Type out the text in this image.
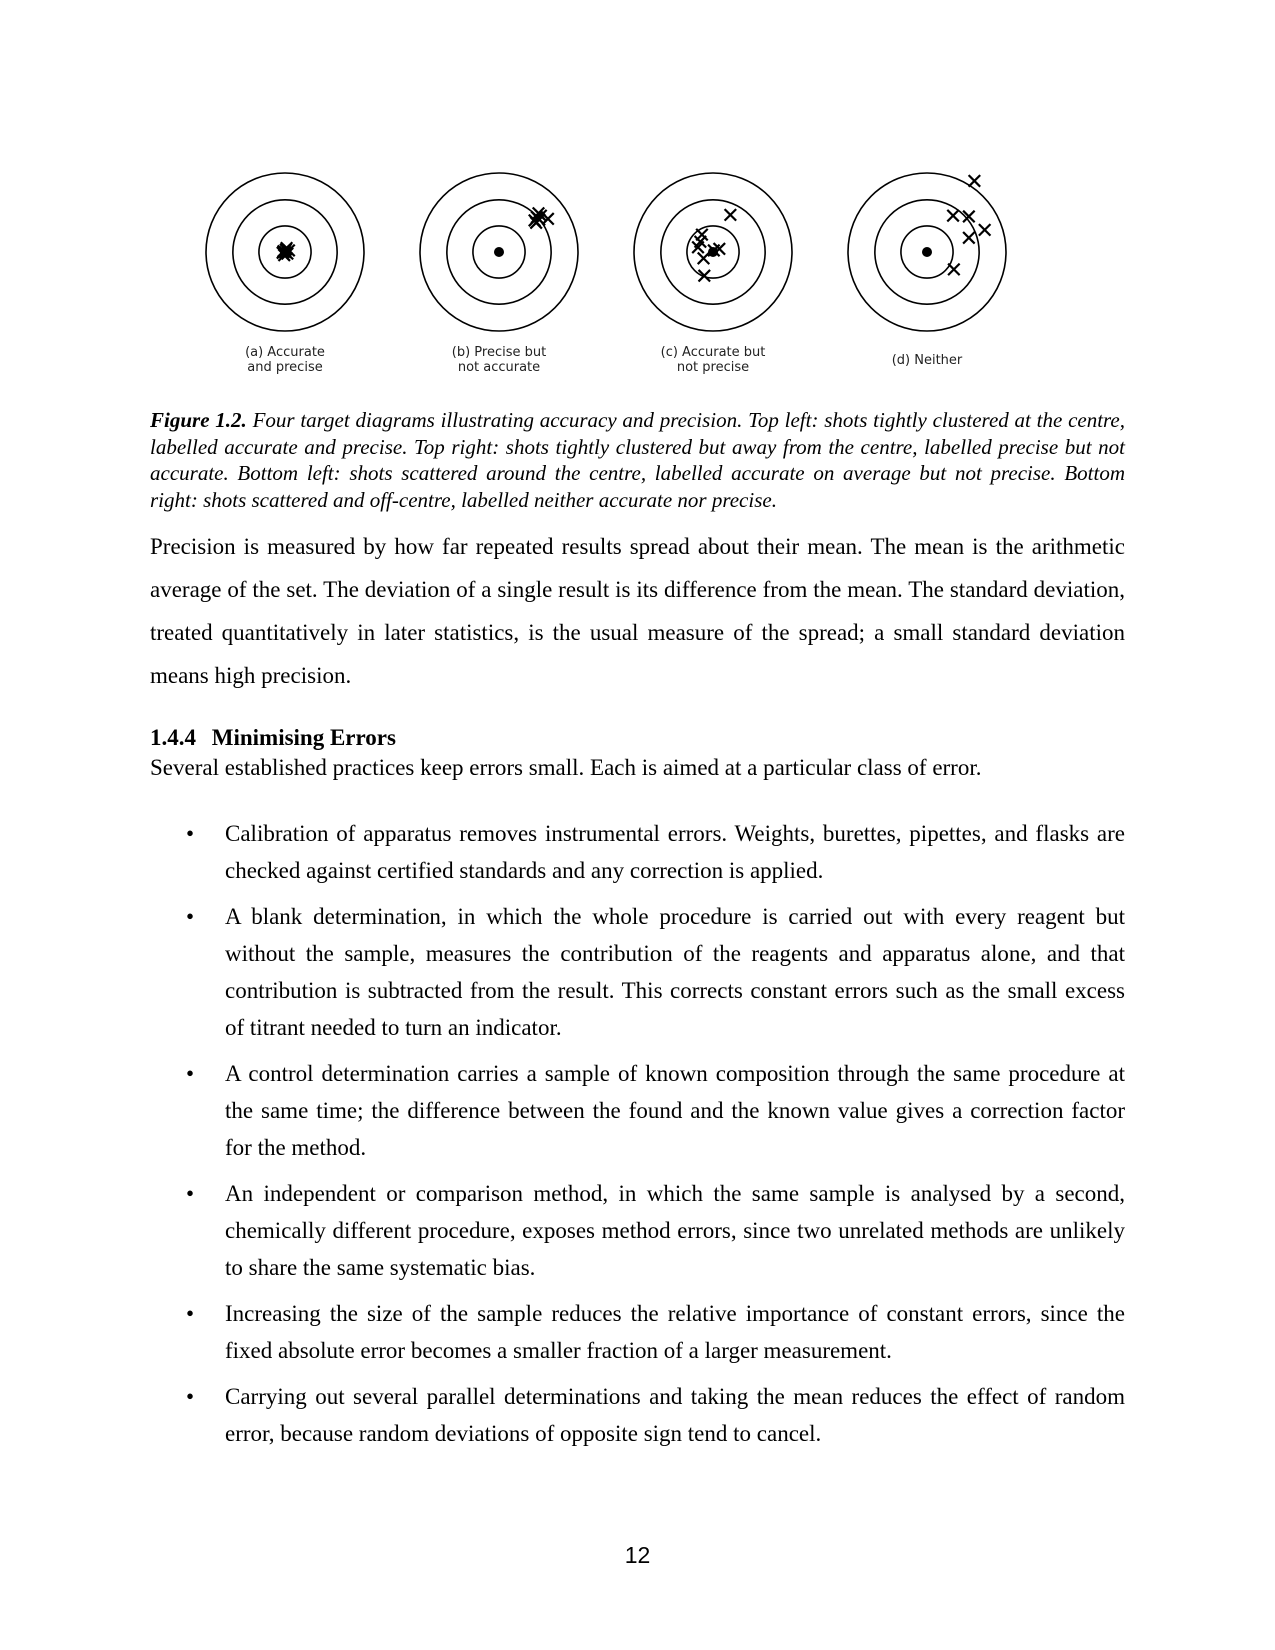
(a) Accurate
and precise
(b) Precise but
not accurate
(c) Accurate but
not precise	(d) Neither
Figure 1.2. Four target diagrams illustrating accuracy and precision. Top left: shots tightly clustered at the centre, labelled accurate and precise. Top right: shots tightly clustered but away from the centre, labelled precise but not accurate. Bottom left: shots scattered around the centre, labelled accurate on average but not precise. Bottom right: shots scattered and off-centre, labelled neither accurate nor precise.

Precision is measured by how far repeated results spread about their mean. The mean is the arithmetic average of the set. The deviation of a single result is its difference from the mean. The standard deviation, treated quantitatively in later statistics, is the usual measure of the spread; a small standard deviation means high precision.

1.4.4 Minimising Errors

Several established practices keep errors small. Each is aimed at a particular class of error.

• Calibration of apparatus removes instrumental errors. Weights, burettes, pipettes, and flasks are checked against certified standards and any correction is applied.
• A blank determination, in which the whole procedure is carried out with every reagent but without the sample, measures the contribution of the reagents and apparatus alone, and that contribution is subtracted from the result. This corrects constant errors such as the small excess of titrant needed to turn an indicator.
• A control determination carries a sample of known composition through the same procedure at the same time; the difference between the found and the known value gives a correction factor for the method.
• An independent or comparison method, in which the same sample is analysed by a second, chemically different procedure, exposes method errors, since two unrelated methods are unlikely to share the same systematic bias.
• Increasing the size of the sample reduces the relative importance of constant errors, since the fixed absolute error becomes a smaller fraction of a larger measurement.
• Carrying out several parallel determinations and taking the mean reduces the effect of random error, because random deviations of opposite sign tend to cancel.
12
